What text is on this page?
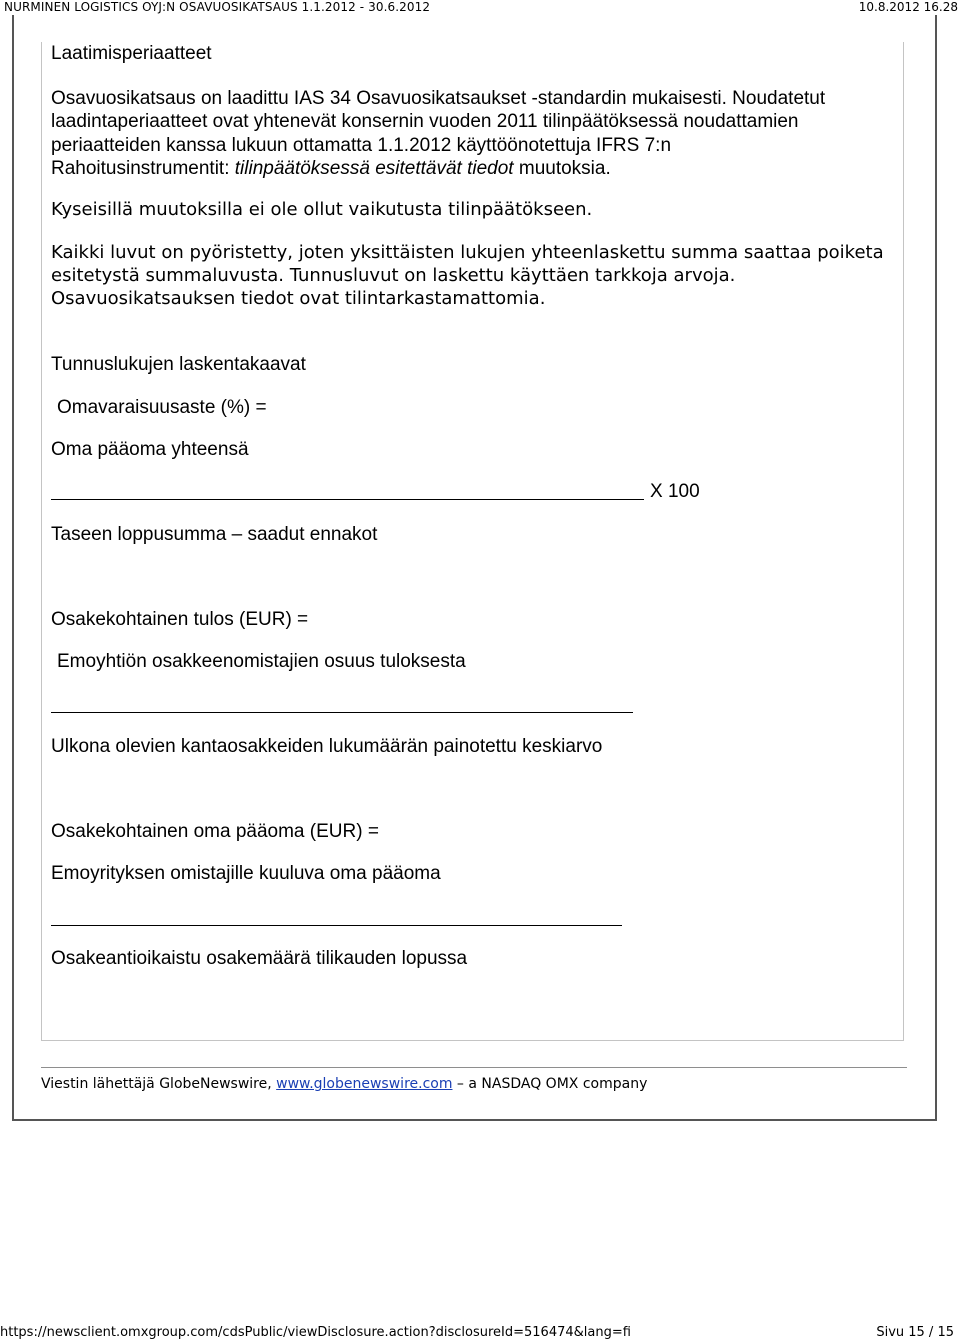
NURMINEN LOGISTICS OYJ:N OSAVUOSIKATSAUS 1.1.2012 - 30.6.2012	10.8.2012 16.28
Laatimisperiaatteet
Osavuosikatsaus on laadittu IAS 34 Osavuosikatsaukset -standardin mukaisesti. Noudatetut
laadintaperiaatteet ovat yhtenevät konsernin vuoden 2011 tilinpäätöksessä noudattamien
periaatteiden kanssa lukuun ottamatta 1.1.2012 käyttöönotettuja IFRS 7:n
Rahoitusinstrumentit: tilinpäätöksessä esitettävät tiedot muutoksia.
Kyseisillä muutoksilla ei ole ollut vaikutusta tilinpäätökseen.
Kaikki luvut on pyöristetty, joten yksittäisten lukujen yhteenlaskettu summa saattaa poiketa
esitetystä summaluvusta. Tunnusluvut on laskettu käyttäen tarkkoja arvoja.
Osavuosikatsauksen tiedot ovat tilintarkastamattomia.
Tunnuslukujen laskentakaavat
Omavaraisuusaste (%) =
Oma pääoma yhteensä
X 100
Taseen loppusumma – saadut ennakot
Osakekohtainen tulos (EUR) =
Emoyhtiön osakkeenomistajien osuus tuloksesta
Ulkona olevien kantaosakkeiden lukumäärän painotettu keskiarvo
Osakekohtainen oma pääoma (EUR) =
Emoyrityksen omistajille kuuluva oma pääoma
Osakeantioikaistu osakemäärä tilikauden lopussa
Viestin lähettäjä GlobeNewswire, www.globenewswire.com – a NASDAQ OMX company
https://newsclient.omxgroup.com/cdsPublic/viewDisclosure.action?disclosureId=516474&lang=fi	Sivu 15 / 15
